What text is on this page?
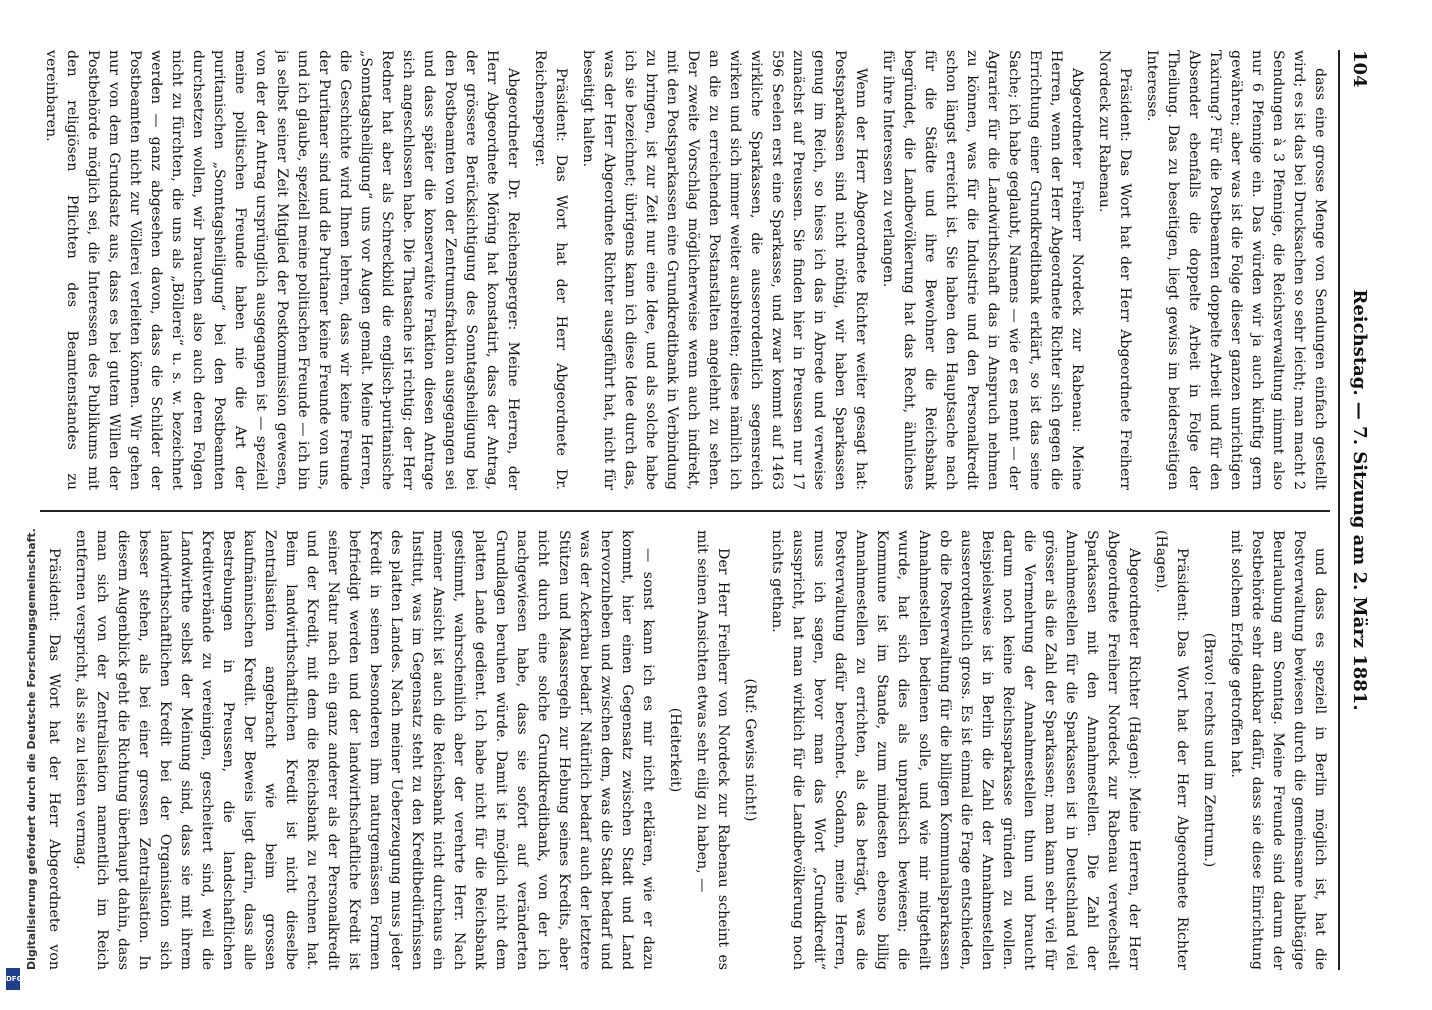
104
Reichstag. — 7. Sitzung am 2. März 1881.

dass eine grosse Menge von Sendungen einfach gestellt wird; es ist das bei Drucksachen so sehr leicht; man macht 2 Sendungen à 3 Pfennige, die Reichsverwaltung nimmt also nur 6 Pfennige ein. Das würden wir ja auch künftig gern gewähren; aber was ist die Folge dieser ganzen unrichtigen Taxirung? Für die Postbeamten doppelte Arbeit und für den Absender ebenfalls die doppelte Arbeit in Folge der Theilung. Das zu beseitigen, liegt gewiss im beiderseitigen Interesse.

Präsident: Das Wort hat der Herr Abgeordnete Freiherr Nordeck zur Rabenau.

Abgeordneter Freiherr Nordeck zur Rabenau: Meine Herren, wenn der Herr Abgeordnete Richter sich gegen die Errichtung einer Grundkreditbank erklärt, so ist das seine Sache; ich habe geglaubt, Namens — wie er es nennt — der Agrarier für die Landwirthschaft das in Anspruch nehmen zu können, was für die Industrie und den Personalkredit schon längst erreicht ist. Sie haben den Hauptsache nach für die Städte und ihre Bewohner die Reichsbank begründet, die Landbevölkerung hat das Recht, ähnliches für ihre Interessen zu verlangen.

Wenn der Herr Abgeordnete Richter weiter gesagt hat: Postsparkassen sind nicht nöthig, wir haben Sparkassen genug im Reich, so hiess ich das in Abrede und verweise zunächst auf Preussen. Sie finden hier in Preussen nur 17 596 Seelen erst eine Sparkasse, und zwar kommt auf 1463 wirkliche Sparkassen, die ausserordentlich segensreich wirken und sich immer weiter ausbreiten; diese nämlich ich an die zu erreichenden Postanstalten angelehnt zu sehen. Der zweite Vorschlag möglicherweise wenn auch indirekt, mit den Postsparkassen eine Grundkreditbank in Verbindung zu bringen, ist zur Zeit nur eine Idee, und als solche habe ich sie bezeichnet; übrigens kann ich diese Idee durch das, was der Herr Abgeordnete Richter ausgeführt hat, nicht für beseitigt halten.

Präsident: Das Wort hat der Herr Abgeordnete Dr. Reichensperger.

Abgeordneter Dr. Reichensperger: Meine Herren, der Herr Abgeordnete Möring hat konstatirt, dass der Antrag, der grössere Berücksichtigung des Sonntagsheiligung bei den Postbeamten von der Zentrumsfraktion ausgegangen sei und dass später die konservative Fraktion diesen Antrage sich angeschlossen habe. Die Thatsache ist richtig; der Herr Redner hat aber als Schreckbild die englisch-puritanische „Sonntagsheiligung“ uns vor Augen gemalt. Meine Herren, die Geschichte wird Ihnen lehren, dass wir keine Freunde der Puritaner sind und die Puritaner keine Freunde von uns, und ich glaube, speziell meine politischen Freunde — ich bin ja selbst seiner Zeit Mitglied der Postkommission gewesen, von der der Antrag ursprünglich ausgegangen ist — speziell meine politischen Freunde haben nie die Art der puritanischen „Sonntagsheiligung“ bei den Postbeamten durchsetzen wollen, wir brauchen also auch deren Folgen nicht zu fürchten, die uns als „Böllerei“ u. s. w. bezeichnet werden — ganz abgesehen davon, dass die Schilder der Postbeamten nicht zur Völlerei verleiten können. Wir gehen nur von dem Grundsatz aus, dass es bei gutem Willen der Postbehörde möglich sei, die Interessen des Publikums mit den religiösen Pflichten des Beamtenstandes zu vereinbaren.

und dass es speziell in Berlin möglich ist, hat die Postverwaltung bewiesen durch die gemeinsame halbtägige Beurlaubung am Sonntag. Meine Freunde sind darum der Postbehörde sehr dankbar dafür, dass sie diese Einrichtung mit solchem Erfolge getroffen hat.

(Bravo! rechts und im Zentrum.)

Präsident: Das Wort hat der Herr Abgeordnete Richter (Hagen).

Abgeordneter Richter (Hagen): Meine Herren, der Herr Abgeordnete Freiherr Nordeck zur Rabenau verwechselt Sparkassen mit den Annahmestellen. Die Zahl der Annahmestellen für die Sparkassen ist in Deutschland viel grösser als die Zahl der Sparkassen; man kann sehr viel für die Vermehrung der Annahmestellen thun und braucht darum noch keine Reichssparkasse gründen zu wollen. Beispielsweise ist in Berlin die Zahl der Annahmestellen ausserordentlich gross. Es ist einmal die Frage entschieden, ob die Postverwaltung für die billigen Kommunalsparkassen Annahmestellen bedienen solle, und wie mir mitgetheilt wurde, hat sich dies als unpraktisch bewiesen; die Kommune ist im Stande, zum mindesten ebenso billig Annahmestellen zu errichten, als das beträgt, was die Postverwaltung dafür berechnet. Sodann, meine Herren, muss ich sagen, bevor man das Wort „Grundkredit“ ausspricht, hat man wirklich für die Landbevölkerung noch nichts gethan.

(Ruf: Gewiss nicht!)

Der Herr Freiherr von Nordeck zur Rabenau scheint es mit seinen Ansichten etwas sehr eilig zu haben, —

(Heiterkeit)

— sonst kann ich es mir nicht erklären, wie er dazu kommt, hier einen Gegensatz zwischen Stadt und Land hervorzuheben und zwischen dem, was die Stadt bedarf und was der Ackerbau bedarf. Natürlich bedarf auch der letztere Stützen und Maassregeln zur Hebung seines Kredits, aber nicht durch eine solche Grundkreditbank, von der ich nachgewiesen habe, dass sie sofort auf veränderten Grundlagen beruhen würde. Damit ist möglich nicht dem platten Lande gedient. Ich habe nicht für die Reichsbank gestimmt, wahrscheinlich aber der verehrte Herr. Nach meiner Ansicht ist auch die Reichsbank nicht durchaus ein Institut, was im Gegensatz steht zu den Kreditbedürfnissen des platten Landes. Nach meiner Ueberzeugung muss jeder Kredit in seinen besonderen ihm naturgemässen Formen befriedigt werden und der landwirthschaftliche Kredit ist seiner Natur nach ein ganz anderer als der Personalkredit und der Kredit, mit dem die Reichsbank zu rechnen hat. Beim landwirthschaftlichen Kredit ist nicht dieselbe Zentralisation angebracht wie beim grossen kaufmännischen Kredit. Der Beweis liegt darin, dass alle Bestrebungen in Preussen, die landschaftlichen Kreditverbände zu vereinigen, gescheitert sind, weil die Landwirthe selbst der Meinung sind, dass sie mit ihrem landwirthschaftlichen Kredit bei der Organisation sich besser stehen, als bei einer grossen Zentralisation. In diesem Augenblick geht die Richtung überhaupt dahin, dass man sich von der Zentralisation namentlich im Reich entfernen verspricht, als sie zu leisten vermag.

Präsident: Das Wort hat der Herr Abgeordnete von

Digitalisierung gefördert durch die Deutsche Forschungsgemeinschaft.
DFG
